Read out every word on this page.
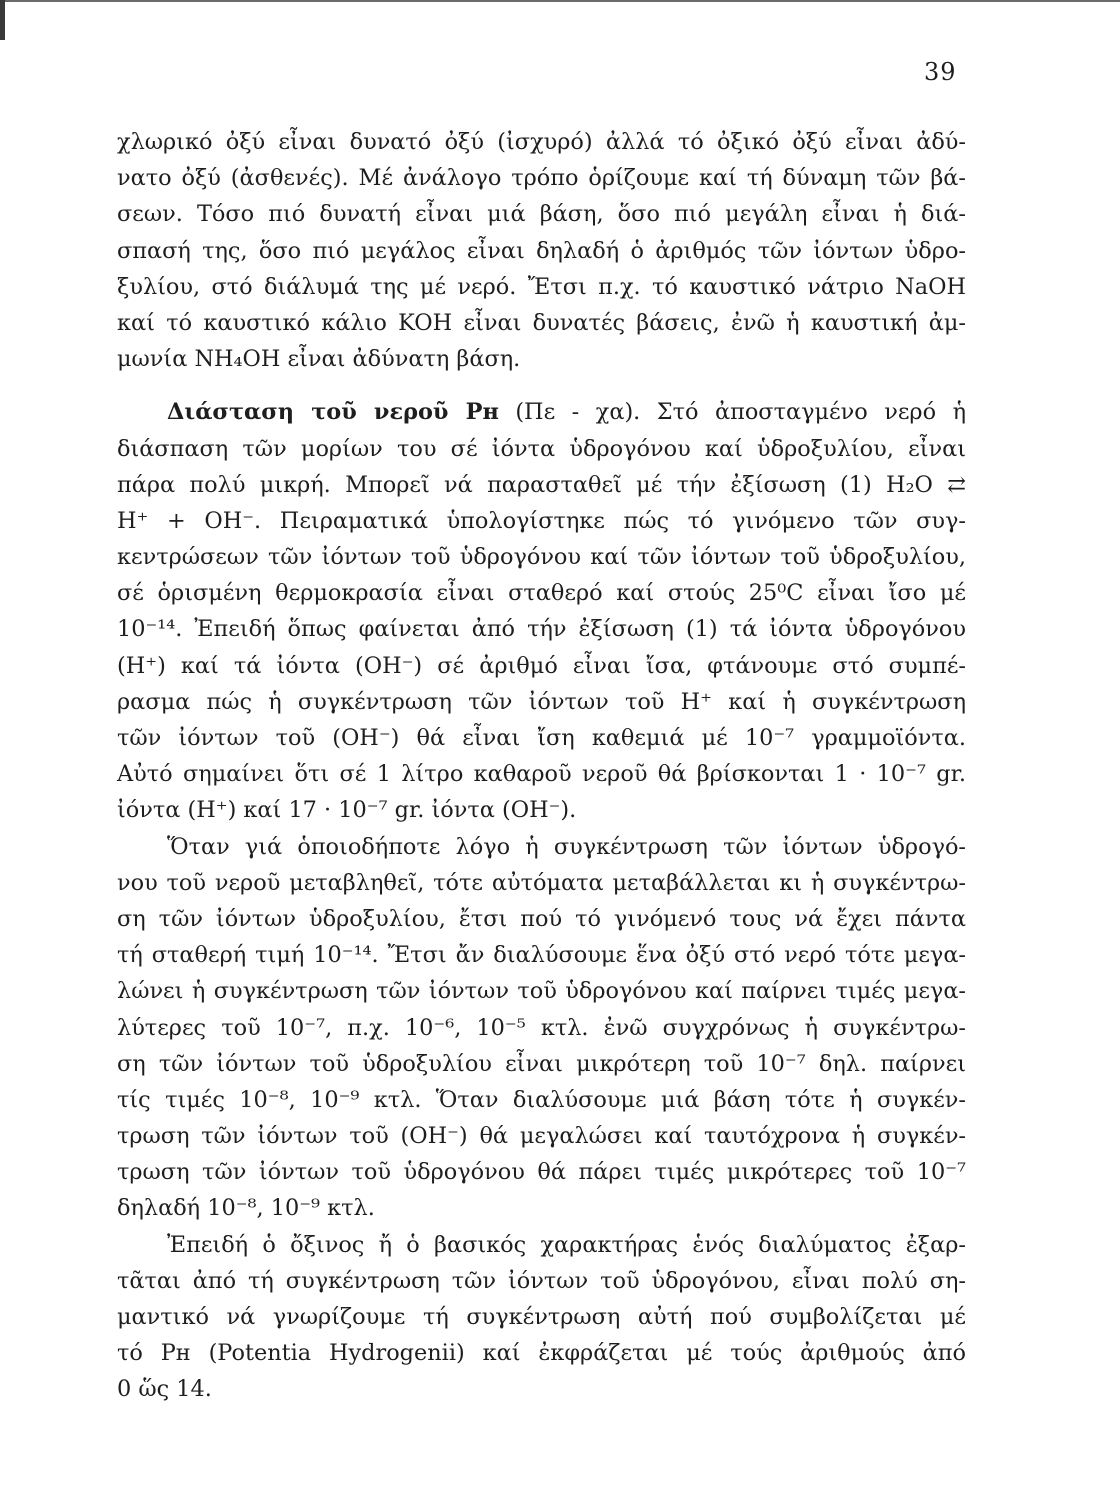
39
χλωρικό ὀξύ εἶναι δυνατό ὀξύ (ἰσχυρό) ἀλλά τό ὀξικό ὀξύ εἶναι ἀδύ-
νατο ὀξύ (ἀσθενές). Μέ ἀνάλογο τρόπο ὁρίζουμε καί τή δύναμη τῶν βά-
σεων. Τόσο πιό δυνατή εἶναι μιά βάση, ὅσο πιό μεγάλη εἶναι ἡ διά-
σπασή της, ὅσο πιό μεγάλος εἶναι δηλαδή ὁ ἀριθμός τῶν ἰόντων ὑδρο-
ξυλίου, στό διάλυμά της μέ νερό. Ἔτσι π.χ. τό καυστικό νάτριο NaOH
καί τό καυστικό κάλιο KOH εἶναι δυνατές βάσεις, ἐνῶ ἡ καυστική ἀμ-
μωνία NH₄OH εἶναι ἀδύνατη βάση.
Διάσταση τοῦ νεροῦ Pн (Πε - χα). Στό ἀποσταγμένο νερό ἡ
διάσπαση τῶν μορίων του σέ ἰόντα ὑδρογόνου καί ὑδροξυλίου, εἶναι
πάρα πολύ μικρή. Μπορεῖ νά παρασταθεῖ μέ τήν ἐξίσωση (1) H₂O ⇄
H⁺ + OH⁻. Πειραματικά ὑπολογίστηκε πώς τό γινόμενο τῶν συγ-
κεντρώσεων τῶν ἰόντων τοῦ ὑδρογόνου καί τῶν ἰόντων τοῦ ὑδροξυλίου,
σέ ὁρισμένη θερμοκρασία εἶναι σταθερό καί στούς 25⁰C εἶναι ἴσο μέ
10⁻¹⁴. Ἐπειδή ὅπως φαίνεται ἀπό τήν ἐξίσωση (1) τά ἰόντα ὑδρογόνου
(H⁺) καί τά ἰόντα (OH⁻) σέ ἀριθμό εἶναι ἴσα, φτάνουμε στό συμπέ-
ρασμα πώς ἡ συγκέντρωση τῶν ἰόντων τοῦ H⁺ καί ἡ συγκέντρωση
τῶν ἰόντων τοῦ (OH⁻) θά εἶναι ἴση καθεμιά μέ 10⁻⁷ γραμμοϊόντα.
Αὐτό σημαίνει ὅτι σέ 1 λίτρο καθαροῦ νεροῦ θά βρίσκονται 1 · 10⁻⁷ gr.
ἰόντα (H⁺) καί 17 · 10⁻⁷ gr. ἰόντα (OH⁻).
Ὅταν γιά ὁποιοδήποτε λόγο ἡ συγκέντρωση τῶν ἰόντων ὑδρογό-
νου τοῦ νεροῦ μεταβληθεῖ, τότε αὐτόματα μεταβάλλεται κι ἡ συγκέντρω-
ση τῶν ἰόντων ὑδροξυλίου, ἔτσι πού τό γινόμενό τους νά ἔχει πάντα
τή σταθερή τιμή 10⁻¹⁴. Ἔτσι ἄν διαλύσουμε ἕνα ὀξύ στό νερό τότε μεγα-
λώνει ἡ συγκέντρωση τῶν ἰόντων τοῦ ὑδρογόνου καί παίρνει τιμές μεγα-
λύτερες τοῦ 10⁻⁷, π.χ. 10⁻⁶, 10⁻⁵ κτλ. ἐνῶ συγχρόνως ἡ συγκέντρω-
ση τῶν ἰόντων τοῦ ὑδροξυλίου εἶναι μικρότερη τοῦ 10⁻⁷ δηλ. παίρνει
τίς τιμές 10⁻⁸, 10⁻⁹ κτλ. Ὅταν διαλύσουμε μιά βάση τότε ἡ συγκέν-
τρωση τῶν ἰόντων τοῦ (OH⁻) θά μεγαλώσει καί ταυτόχρονα ἡ συγκέν-
τρωση τῶν ἰόντων τοῦ ὑδρογόνου θά πάρει τιμές μικρότερες τοῦ 10⁻⁷
δηλαδή 10⁻⁸, 10⁻⁹ κτλ.
Ἐπειδή ὁ ὄξινος ἤ ὁ βασικός χαρακτήρας ἑνός διαλύματος ἐξαρ-
τᾶται ἀπό τή συγκέντρωση τῶν ἰόντων τοῦ ὑδρογόνου, εἶναι πολύ ση-
μαντικό νά γνωρίζουμε τή συγκέντρωση αὐτή πού συμβολίζεται μέ
τό Pн (Potentia Hydrogenii) καί ἐκφράζεται μέ τούς ἀριθμούς ἀπό
0 ὥς 14.
